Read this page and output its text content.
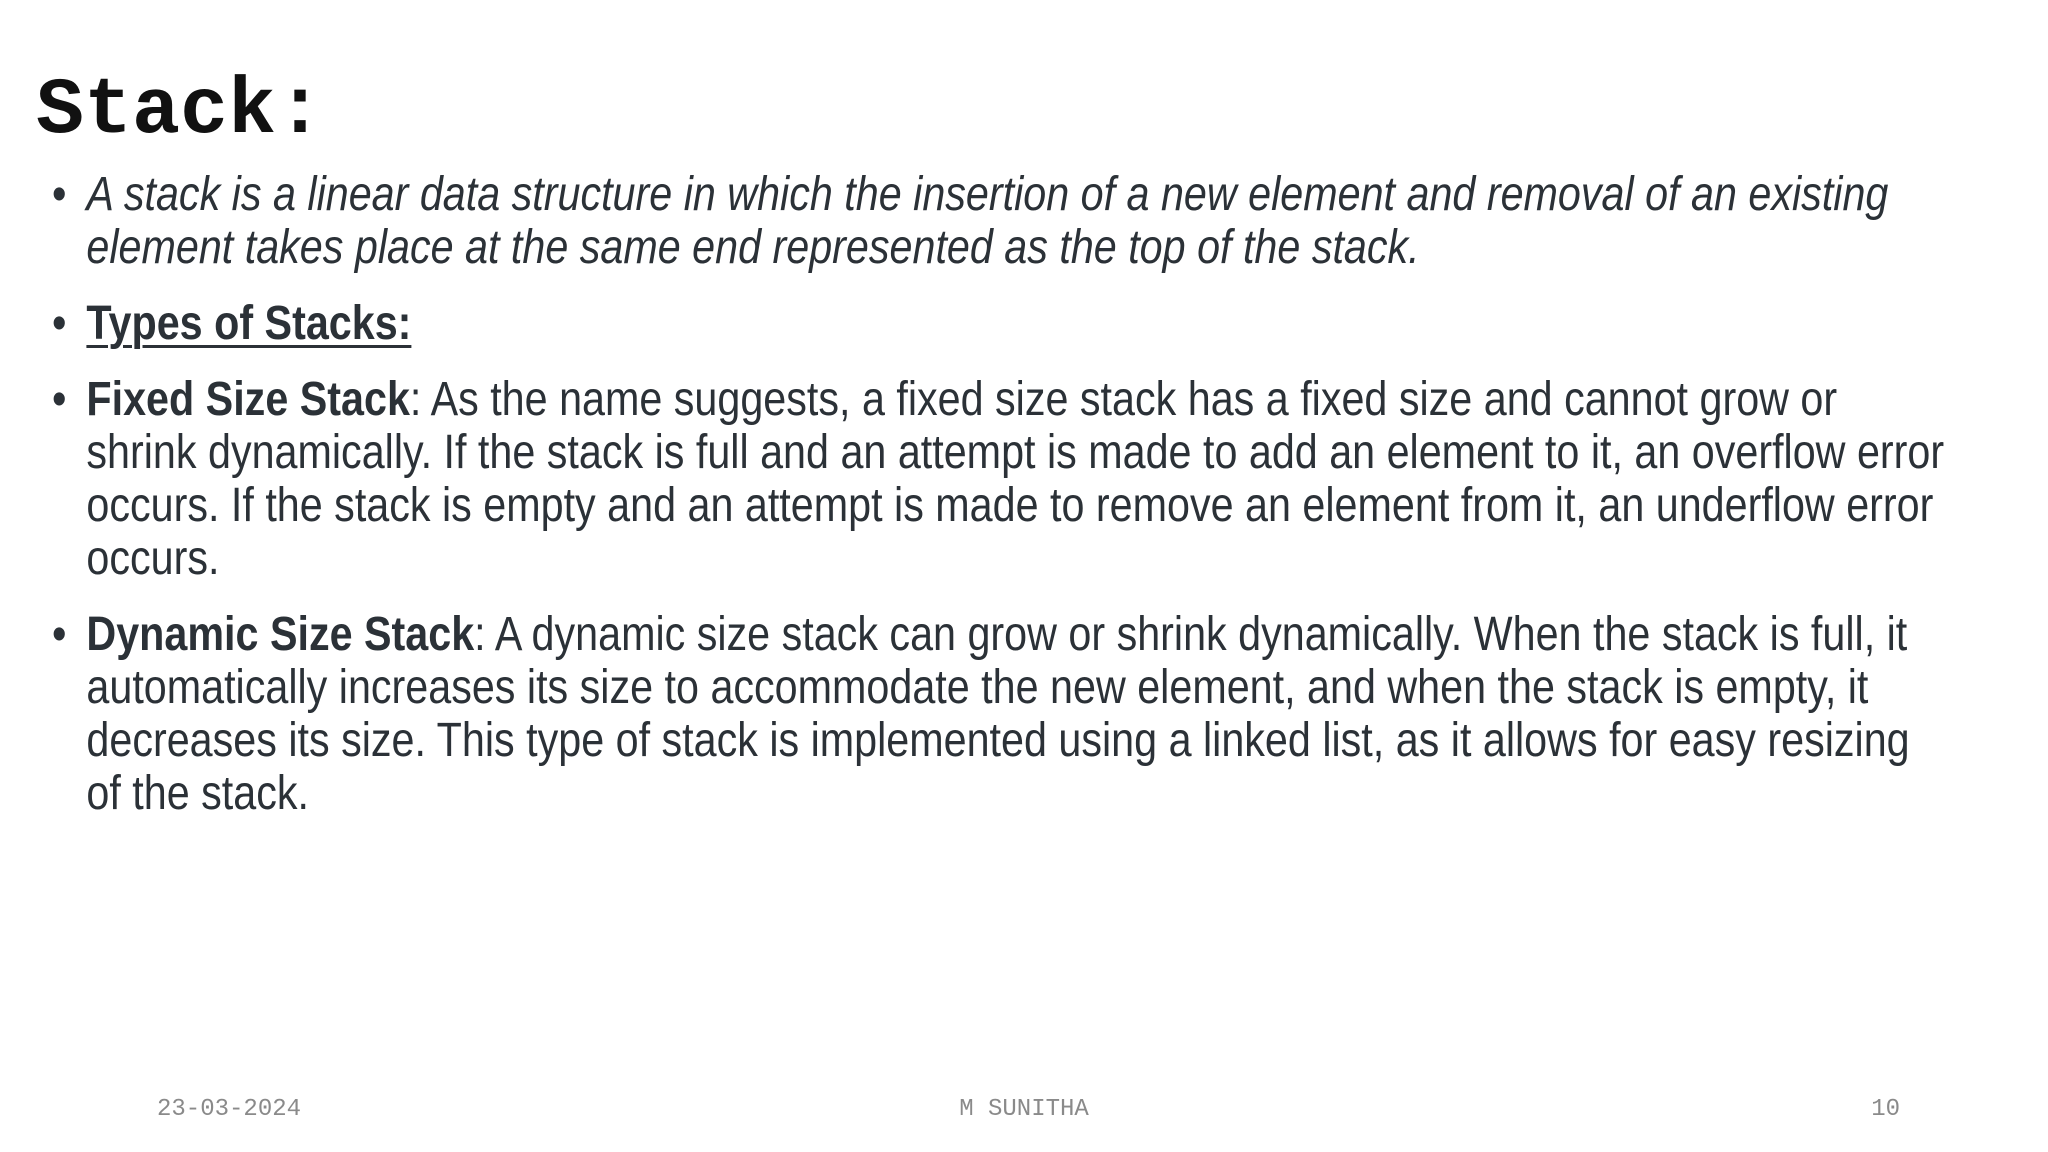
Stack:
• A stack is a linear data structure in which the insertion of a new element and removal of an existing element takes place at the same end represented as the top of the stack.
• Types of Stacks:
• Fixed Size Stack: As the name suggests, a fixed size stack has a fixed size and cannot grow or shrink dynamically. If the stack is full and an attempt is made to add an element to it, an overflow error occurs. If the stack is empty and an attempt is made to remove an element from it, an underflow error occurs.
• Dynamic Size Stack: A dynamic size stack can grow or shrink dynamically. When the stack is full, it automatically increases its size to accommodate the new element, and when the stack is empty, it decreases its size. This type of stack is implemented using a linked list, as it allows for easy resizing of the stack.
M SUNITHA
23-03-2024	10
